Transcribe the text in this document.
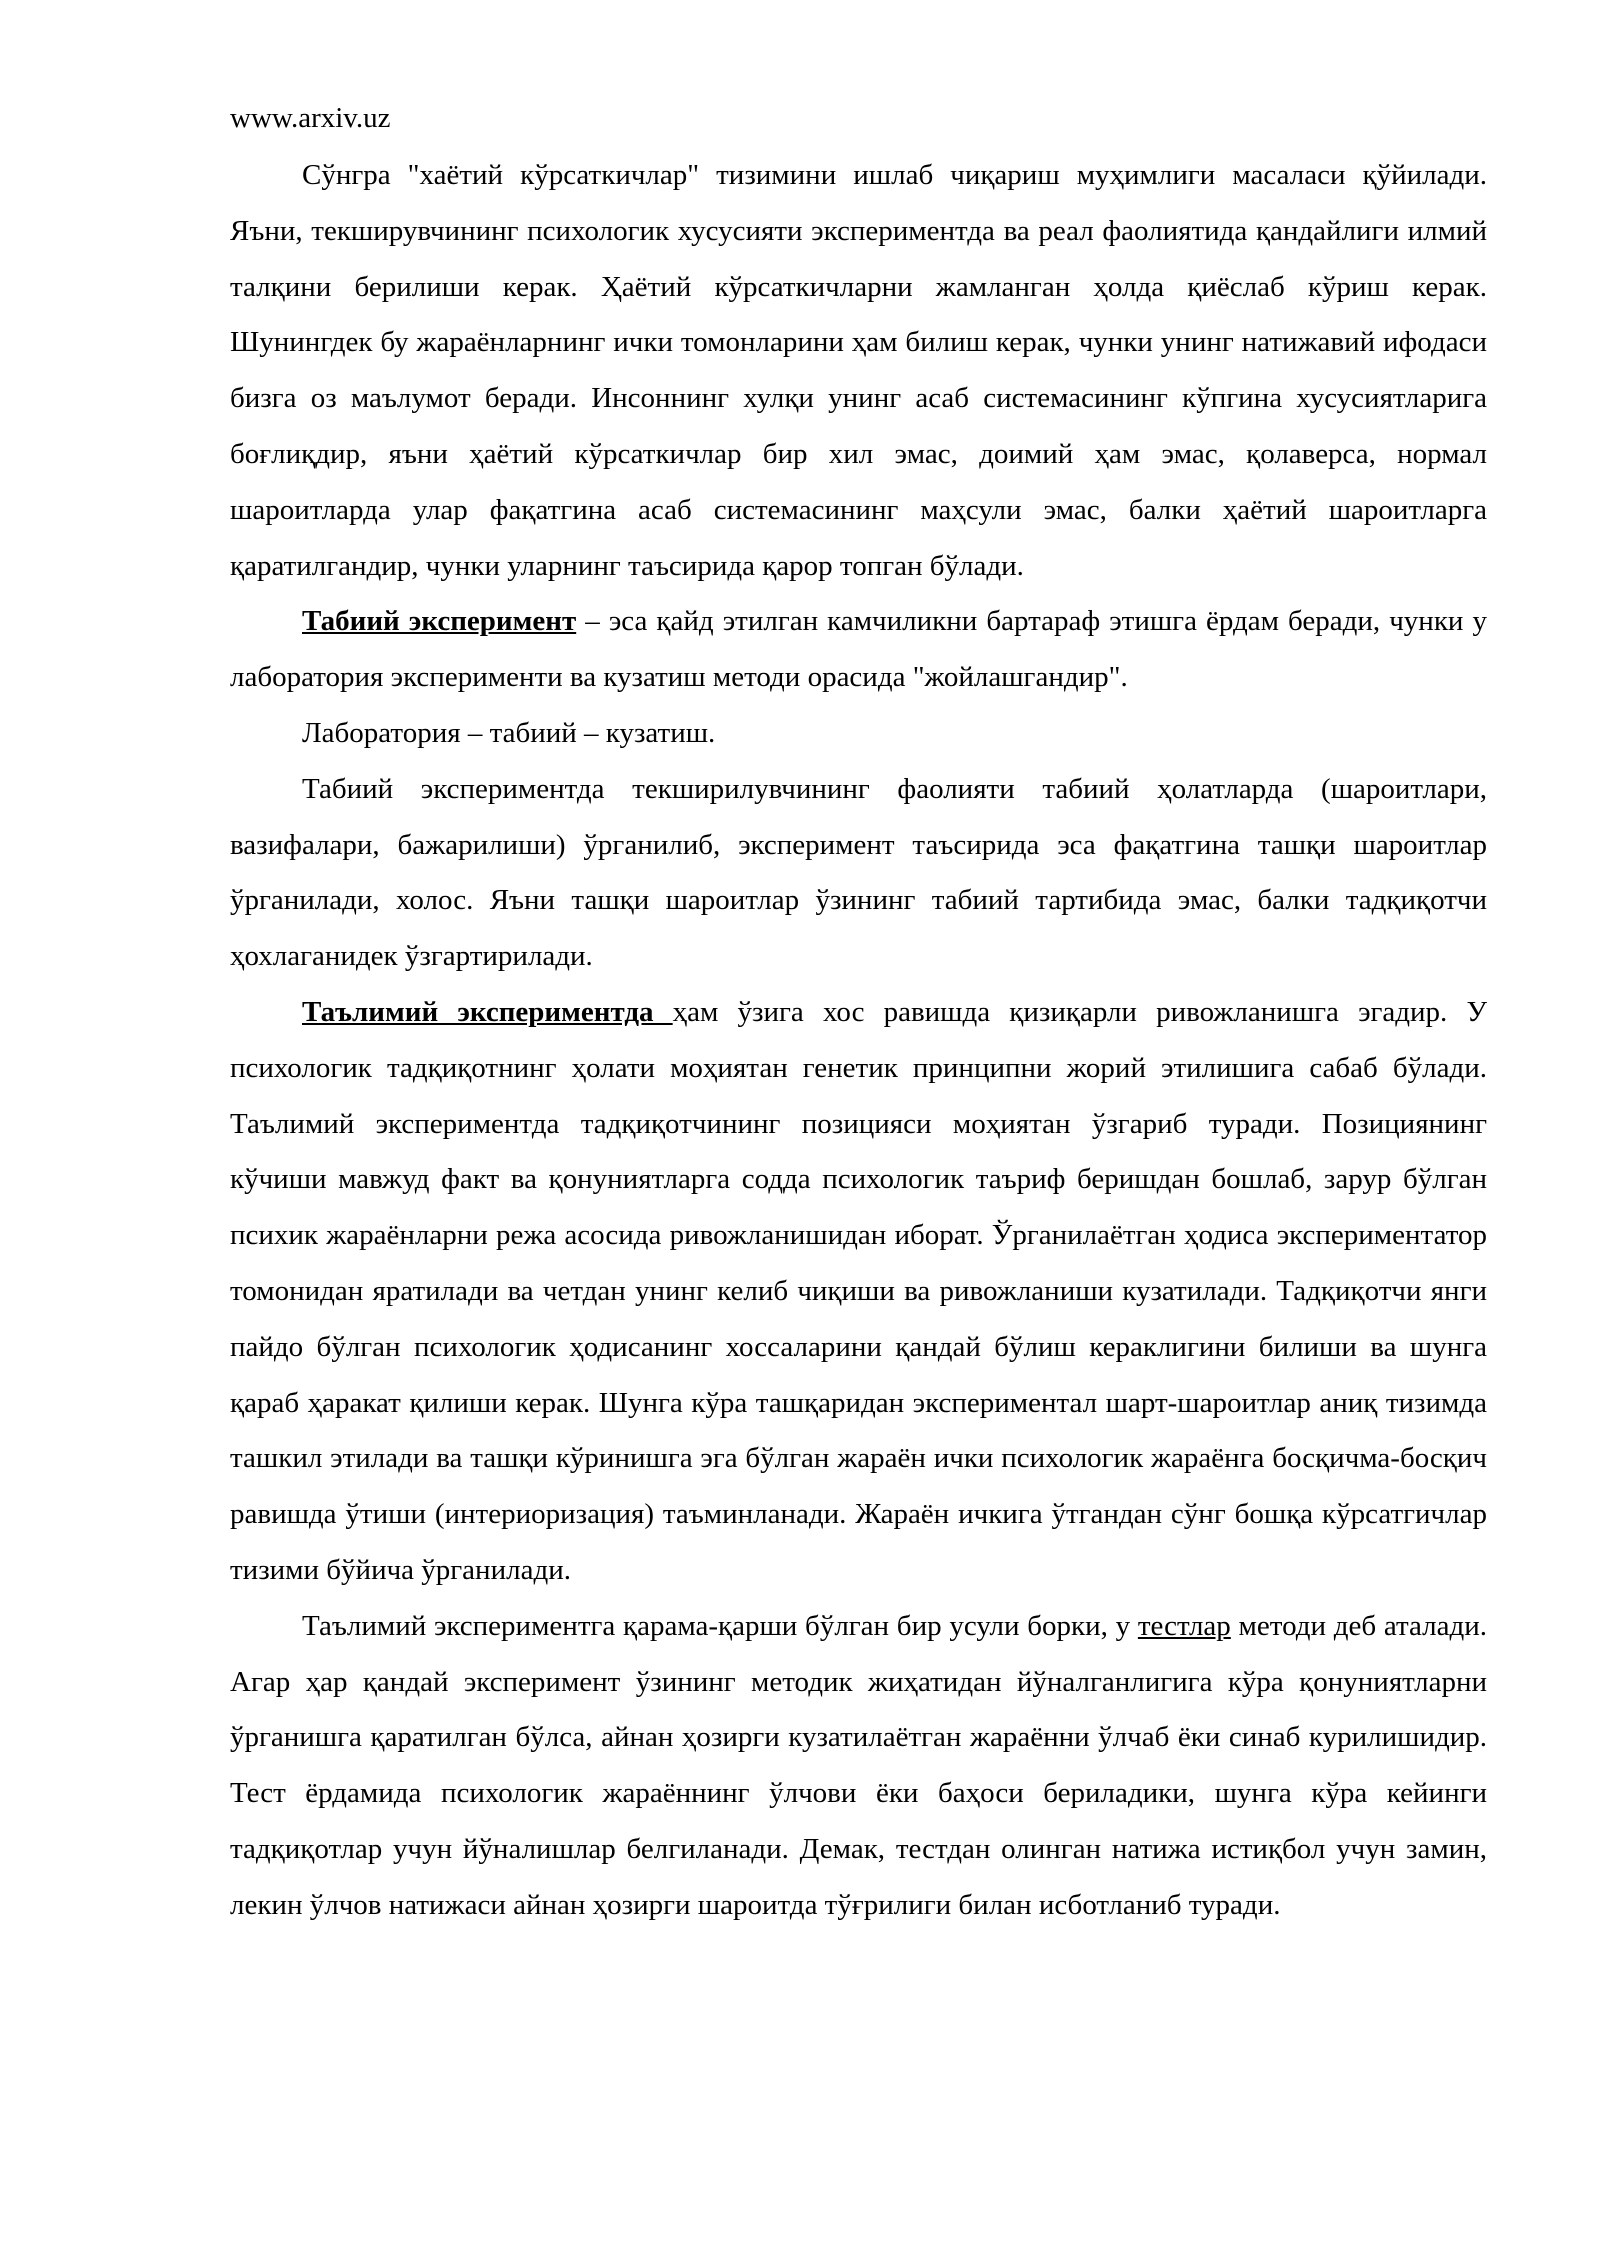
www.arxiv.uz

Сўнгра "хаётий кўрсаткичлар" тизимини ишлаб чиқариш муҳимлиги масаласи қўйилади. Яъни, текширувчининг психологик хусусияти экспериментда ва реал фаолиятида қандайлиги илмий талқини берилиши керак. Ҳаётий кўрсаткичларни жамланган ҳолда қиёслаб кўриш керак. Шунингдек бу жараёнларнинг ички томонларини ҳам билиш керак, чунки унинг натижавий ифодаси бизга оз маълумот беради. Инсоннинг хулқи унинг асаб системасининг кўпгина хусусиятларига боғлиқдир, яъни ҳаётий кўрсаткичлар бир хил эмас, доимий ҳам эмас, қолаверса, нормал шароитларда улар фақатгина асаб системасининг маҳсули эмас, балки ҳаётий шароитларга қаратилгандир, чунки уларнинг таъсирида қарор топган бўлади.

Табиий эксперимент – эса қайд этилган камчиликни бартараф этишга ёрдам беради, чунки у лаборатория эксперименти ва кузатиш методи орасида "жойлашгандир".

Лаборатория – табиий – кузатиш.

Табиий экспериментда текширилувчининг фаолияти табиий ҳолатларда (шароитлари, вазифалари, бажарилиши) ўрганилиб, эксперимент таъсирида эса фақатгина ташқи шароитлар ўрганилади, холос. Яъни ташқи шароитлар ўзининг табиий тартибида эмас, балки тадқиқотчи ҳохлаганидек ўзгартирилади.

Таълимий экспериментда ҳам ўзига хос равишда қизиқарли ривожланишга эгадир. У психологик тадқиқотнинг ҳолати моҳиятан генетик принципни жорий этилишига сабаб бўлади. Таълимий экспериментда тадқиқотчининг позицияси моҳиятан ўзгариб туради. Позициянинг кўчиши мавжуд факт ва қонуниятларга содда психологик таъриф беришдан бошлаб, зарур бўлган психик жараёнларни режа асосида ривожланишидан иборат. Ўрганилаётган ҳодиса экспериментатор томонидан яратилади ва четдан унинг келиб чиқиши ва ривожланиши кузатилади. Тадқиқотчи янги пайдо бўлган психологик ҳодисанинг хоссаларини қандай бўлиш кераклигини билиши ва шунга қараб ҳаракат қилиши керак. Шунга кўра ташқаридан экспериментал шарт-шароитлар аниқ тизимда ташкил этилади ва ташқи кўринишга эга бўлган жараён ички психологик жараёнга босқичма-босқич равишда ўтиши (интериоризация) таъминланади. Жараён ичкига ўтгандан сўнг бошқа кўрсатгичлар тизими бўйича ўрганилади.

Таълимий экспериментга қарама-қарши бўлган бир усули борки, у тестлар методи деб аталади. Агар ҳар қандай эксперимент ўзининг методик жиҳатидан йўналганлигига кўра қонуниятларни ўрганишга қаратилган бўлса, айнан ҳозирги кузатилаётган жараённи ўлчаб ёки синаб курилишидир. Тест ёрдамида психологик жараённинг ўлчови ёки баҳоси бериладики, шунга кўра кейинги тадқиқотлар учун йўналишлар белгиланади. Демак, тестдан олинган натижа истиқбол учун замин, лекин ўлчов натижаси айнан ҳозирги шароитда тўғрилиги билан исботланиб туради.
